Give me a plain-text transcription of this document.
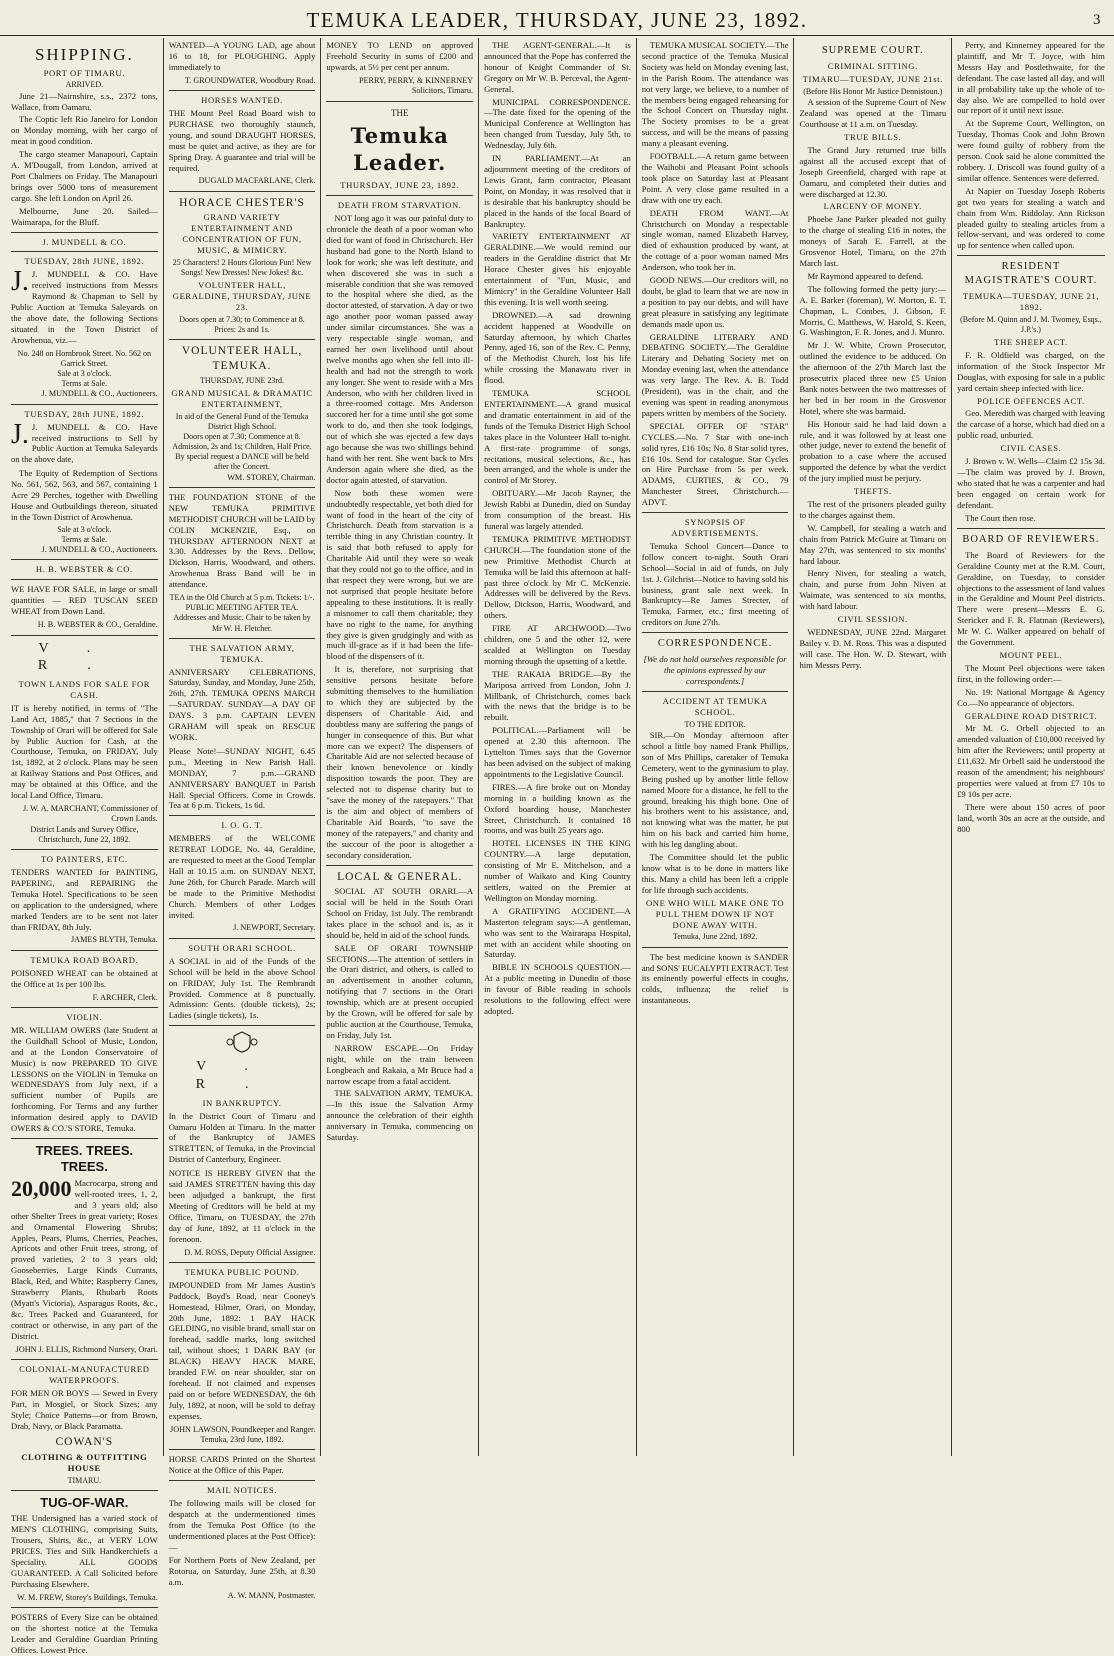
TEMUKA LEADER, THURSDAY, JUNE 23, 1892.	3
SHIPPING.
PORT OF TIMARU.
ARRIVED.
June 21—Nairnshire, s.s., 2372 tons, Wallace, from Oamaru.
The Coptic left Rio Janeiro for London on Monday morning, with her cargo of meat in good condition.
The cargo steamer Manapouri, Captain A. M'Dougall, from London, arrived at Port Chalmers on Friday. The Manapouri brings over 5000 tons of measurement cargo. She left London on April 26.
Melbourne, June 20. Sailed—Waimarapa, for the Bluff.
J. MUNDELL & CO.
TUESDAY, 28th JUNE, 1892.
J. J. MUNDELL & CO. Have received instructions from Messrs Raymond & Chapman to Sell by Public Auction at Temuka Saleyards on the above date, the following Sections situated in the Town District of Arowhenua, viz.—
No. 248 on Hornbrook Street. No. 562 on Garrick Street.
Sale at 3 o'clock.
Terms at Sale.
J. MUNDELL & CO., Auctioneers.
TUESDAY, 28th JUNE, 1892.
J. J. MUNDELL & CO. Have received instructions to Sell by Public Auction at Temuka Saleyards on the above date,
The Equity of Redemption of Sections No. 561, 562, 563, and 567, containing 1 Acre 29 Perches, together with Dwelling House and Outbuildings thereon, situated in the Town District of Arowhenua.
Sale at 3 o'clock.
Terms at Sale.
J. MUNDELL & CO., Auctioneers.
H. B. WEBSTER & CO.
WE HAVE FOR SALE, in large or small quantities — RED TUSCAN SEED WHEAT from Down Land.
H. B. WEBSTER & CO., Geraldine.
V. R.
TOWN LANDS FOR SALE FOR CASH.
IT is hereby notified, in terms of "The Land Act, 1885," that 7 Sections in the Township of Orari will be offered for Sale by Public Auction for Cash, at the Courthouse, Temuka, on FRIDAY, July 1st, 1892, at 2 o'clock. Plans may be seen at Railway Stations and Post Offices, and may be obtained at this Office, and the local Land Office, Timaru.
J. W. A. MARCHANT, Commissioner of Crown Lands.
District Lands and Survey Office, Christchurch, June 22, 1892.
TO PAINTERS, ETC.
TENDERS WANTED for PAINTING, PAPERING, and REPAIRING the Temuka Hotel. Specifications to be seen on application to the undersigned, where marked Tenders are to be sent not later than FRIDAY, 8th July.
JAMES BLYTH, Temuka.
TEMUKA ROAD BOARD.
POISONED WHEAT can be obtained at the Office at 1s per 100 lbs.
F. ARCHER, Clerk.
VIOLIN.
MR. WILLIAM OWERS (late Student at the Guildhall School of Music, London, and at the London Conservatoire of Music) is now PREPARED TO GIVE LESSONS on the VIOLIN in Temuka on WEDNESDAYS from July next, if a sufficient number of Pupils are forthcoming. For Terms and any further information desired apply to DAVID OWERS & CO.'S STORE, Temuka.
TREES. TREES. TREES.
20,000 Macrocarpa, strong and well-rooted trees, 1, 2, and 3 years old; also other Shelter Trees in great variety; Roses and Ornamental Flowering Shrubs; Apples, Pears, Plums, Cherries, Peaches, Apricots and other Fruit trees, strong, of proved varieties, 2 to 3 years old; Gooseberries, Large Kinds Currants, Black, Red, and White; Raspberry Canes, Strawberry Plants, Rhubarb Roots (Myatt's Victoria), Asparagus Roots, &c., &c. Trees Packed and Guaranteed, for contract or otherwise, in any part of the District.
JOHN J. ELLIS, Richmond Nursery, Orari.
COLONIAL-MANUFACTURED WATERPROOFS.
FOR MEN OR BOYS — Sewed in Every Part, in Mosgiel, or Stock Sizes; any Style; Choice Patterns—or from Brown, Drab, Navy, or Black Paramatta.
COWAN'S
CLOTHING & OUTFITTING HOUSE
TIMARU.
TUG-OF-WAR.
THE Undersigned has a varied stock of MEN'S CLOTHING, comprising Suits, Trousers, Shirts, &c., at VERY LOW PRICES. Ties and Silk Handkerchiefs a Speciality. ALL GOODS GUARANTEED. A Call Solicited before Purchasing Elsewhere.
W. M. FREW, Storey's Buildings, Temuka.
POSTERS of Every Size can be obtained on the shortest notice at the Temuka Leader and Geraldine Guardian Printing Offices. Lowest Price.
WANTED—A YOUNG LAD, age about 16 to 18, for PLOUGHING. Apply immediately to
T. GROUNDWATER, Woodbury Road.
HORSES WANTED.
THE Mount Peel Road Board wish to PURCHASE two thoroughly staunch, young, and sound DRAUGHT HORSES, must be quiet and active, as they are for Spring Dray. A guarantee and trial will be required.
DUGALD MACFARLANE, Clerk.
HORACE CHESTER'S
GRAND VARIETY ENTERTAINMENT AND CONCENTRATION OF FUN, MUSIC, & MIMICRY.
25 Characters! 2 Hours Glorious Fun! New Songs! New Dresses! New Jokes! &c.
VOLUNTEER HALL, GERALDINE, THURSDAY, JUNE 23.
Doors open at 7.30; to Commence at 8. Prices: 2s and 1s.
VOLUNTEER HALL, TEMUKA.
THURSDAY, JUNE 23rd.
GRAND MUSICAL & DRAMATIC ENTERTAINMENT,
In aid of the General Fund of the Temuka District High School.
Doors open at 7.30; Commence at 8.
Admission, 2s and 1s; Children, Half Price.
By special request a DANCE will be held after the Concert.
WM. STOREY, Chairman.
THE FOUNDATION STONE of the NEW TEMUKA PRIMITIVE METHODIST CHURCH will be LAID by COLIN MCKENZIE, Esq., on THURSDAY AFTERNOON NEXT at 3.30. Addresses by the Revs. Dellow, Dickson, Harris, Woodward, and others. Arowhenua Brass Band will be in attendance.
TEA in the Old Church at 5 p.m. Tickets: 1/-.
PUBLIC MEETING AFTER TEA. Addresses and Music. Chair to be taken by Mr W. H. Fletcher.
THE SALVATION ARMY, TEMUKA.
ANNIVERSARY CELEBRATIONS, Saturday, Sunday, and Monday, June 25th, 26th, 27th. TEMUKA OPENS MARCH—SATURDAY. SUNDAY—A DAY OF DAYS. 3 p.m. CAPTAIN LEVEN GRAHAM will speak on RESCUE WORK.
Please Note!—SUNDAY NIGHT, 6.45 p.m., Meeting in New Parish Hall. MONDAY, 7 p.m.—GRAND ANNIVERSARY BANQUET in Parish Hall. Special Officers. Come in Crowds. Tea at 6 p.m. Tickets, 1s 6d.
I. O. G. T.
MEMBERS of the WELCOME RETREAT LODGE, No. 44, Geraldine, are requested to meet at the Good Templar Hall at 10.15 a.m. on SUNDAY NEXT, June 26th, for Church Parade. March will be made to the Primitive Methodist Church. Members of other Lodges invited.
J. NEWPORT, Secretary.
SOUTH ORARI SCHOOL.
A SOCIAL in aid of the Funds of the School will be held in the above School on FRIDAY, July 1st. The Rembrandt Provided. Commence at 8 punctually. Admission: Gents. (double tickets), 2s; Ladies (single tickets), 1s.
V. R.
IN BANKRUPTCY.
In the District Court of Timaru and Oamaru Holden at Timaru. In the matter of the Bankruptcy of JAMES STRETTEN, of Temuka, in the Provincial District of Canterbury, Engineer.
NOTICE IS HEREBY GIVEN that the said JAMES STRETTEN having this day been adjudged a bankrupt, the first Meeting of Creditors will be held at my Office, Timaru, on TUESDAY, the 27th day of June, 1892, at 11 o'clock in the forenoon.
D. M. ROSS, Deputy Official Assignee.
TEMUKA PUBLIC POUND.
IMPOUNDED from Mr James Austin's Paddock, Boyd's Road, near Cooney's Homestead, Hilmer, Orari, on Monday, 20th June, 1892: 1 BAY HACK GELDING, no visible brand, small star on forehead, saddle marks, long switched tail, without shoes; 1 DARK BAY (or BLACK) HEAVY HACK MARE, branded F.W. on near shoulder, star on forehead. If not claimed and expenses paid on or before WEDNESDAY, the 6th July, 1892, at noon, will be sold to defray expenses.
JOHN LAWSON, Poundkeeper and Ranger.
Temuka, 23rd June, 1892.
HORSE CARDS Printed on the Shortest Notice at the Office of this Paper.
MAIL NOTICES.
The following mails will be closed for despatch at the undermentioned times from the Temuka Post Office (to the undermentioned places at the Post Office):—
For Northern Ports of New Zealand, per Rotorua, on Saturday, June 25th, at 8.30 a.m.
A. W. MANN, Postmaster.
MONEY TO LEND on approved Freehold Security in sums of £200 and upwards, at 5½ per cent per annum.
PERRY, PERRY, & KINNERNEY Solicitors, Timaru.
THE
Temuka Leader.
THURSDAY, JUNE 23, 1892.
DEATH FROM STARVATION.
NOT long ago it was our painful duty to chronicle the death of a poor woman who died for want of food in Christchurch. Her husband had gone to the North Island to look for work; she was left destitute, and when discovered she was in such a miserable condition that she was removed to the hospital where she died, as the doctor attested, of starvation. A day or two ago another poor woman passed away under similar circumstances. She was a very respectable single woman, and earned her own livelihood until about twelve months ago when she fell into ill-health and had not the strength to work any longer. She went to reside with a Mrs Anderson, who with her children lived in a three-roomed cottage. Mrs Anderson succored her for a time until she got some work to do, and then she took lodgings, out of which she was ejected a few days ago because she was two shillings behind hand with her rent. She went back to Mrs Anderson again where she died, as the doctor again attested, of starvation.
Now both these women were undoubtedly respectable, yet both died for want of food in the heart of the city of Christchurch. Death from starvation is a terrible thing in any Christian country. It is said that both refused to apply for Charitable Aid until they were so weak that they could not go to the office, and in that respect they were wrong, but we are not surprised that people hesitate before appealing to these institutions. It is really a misnomer to call them charitable; they have no right to the name, for anything they give is given grudgingly and with as much ill-grace as if it had been the life-blood of the dispensers of it.
It is, therefore, not surprising that sensitive persons hesitate before submitting themselves to the humiliation to which they are subjected by the dispensers of Charitable Aid, and doubtless many are suffering the pangs of hunger in consequence of this. But what more can we expect? The dispensers of Charitable Aid are not selected because of their known benevolence or kindly disposition towards the poor. They are selected not to dispense charity but to "save the money of the ratepayers." That is the aim and object of members of Charitable Aid Boards, "to save the money of the ratepayers," and charity and the succour of the poor is altogether a secondary consideration.
LOCAL & GENERAL.
SOCIAL AT SOUTH ORARI.—A social will be held in the South Orari School on Friday, 1st July. The rembrandt takes place in the school and is, as it should be, held in aid of the school funds.
SALE OF ORARI TOWNSHIP SECTIONS.—The attention of settlers in the Orari district, and others, is called to an advertisement in another column, notifying that 7 sections in the Orari township, which are at present occupied by the Crown, will be offered for sale by public auction at the Courthouse, Temuka, on Friday, July 1st.
NARROW ESCAPE.—On Friday night, while on the train between Longbeach and Rakaia, a Mr Bruce had a narrow escape from a fatal accident.
THE SALVATION ARMY, TEMUKA.—In this issue the Salvation Army announce the celebration of their eighth anniversary in Temuka, commencing on Saturday.
THE AGENT-GENERAL.—It is announced that the Pope has conferred the honour of Knight Commander of St. Gregory on Mr W. B. Perceval, the Agent-General.
MUNICIPAL CORRESPONDENCE.—The date fixed for the opening of the Municipal Conference at Wellington has been changed from Tuesday, July 5th, to Wednesday, July 6th.
IN PARLIAMENT.—At an adjournment meeting of the creditors of Lewis Grant, farm contractor, Pleasant Point, on Monday, it was resolved that it is desirable that his bankruptcy should be placed in the hands of the local Board of Bankruptcy.
VARIETY ENTERTAINMENT AT GERALDINE.—We would remind our readers in the Geraldine district that Mr Horace Chester gives his enjoyable entertainment of "Fun, Music, and Mimicry" in the Geraldine Volunteer Hall this evening. It is well worth seeing.
DROWNED.—A sad drowning accident happened at Woodville on Saturday afternoon, by which Charles Penny, aged 16, son of the Rev. C. Penny, of the Methodist Church, lost his life while crossing the Manawatu river in flood.
TEMUKA SCHOOL ENTERTAINMENT.—A grand musical and dramatic entertainment in aid of the funds of the Temuka District High School takes place in the Volunteer Hall to-night. A first-rate programme of songs, recitations, musical selections, &c., has been arranged, and the whole is under the control of Mr Storey.
OBITUARY.—Mr Jacob Rayner, the Jewish Rabbi at Dunedin, died on Sunday from consumption of the breast. His funeral was largely attended.
TEMUKA PRIMITIVE METHODIST CHURCH.—The foundation stone of the new Primitive Methodist Church at Temuka will be laid this afternoon at half-past three o'clock by Mr C. McKenzie. Addresses will be delivered by the Revs. Dellow, Dickson, Harris, Woodward, and others.
FIRE AT ARCHWOOD.—Two children, one 5 and the other 12, were scalded at Wellington on Tuesday morning through the upsetting of a kettle.
THE RAKAIA BRIDGE.—By the Mariposa arrived from London, John J. Millbank, of Christchurch, comes back with the news that the bridge is to be rebuilt.
POLITICAL.—Parliament will be opened at 2.30 this afternoon. The Lyttelton Times says that the Governor has been advised on the subject of making appointments to the Legislative Council.
FIRES.—A fire broke out on Monday morning in a building known as the Oxford boarding house, Manchester Street, Christchurch. It contained 18 rooms, and was built 25 years ago.
HOTEL LICENSES IN THE KING COUNTRY.—A large deputation, consisting of Mr E. Mitchelson, and a number of Waikato and King Country settlers, waited on the Premier at Wellington on Monday morning.
A GRATIFYING ACCIDENT.—A Masterton telegram says:—A gentleman, who was sent to the Wairarapa Hospital, met with an accident while shooting on Saturday.
BIBLE IN SCHOOLS QUESTION.—At a public meeting in Dunedin of those in favour of Bible reading in schools resolutions to the following effect were adopted.
TEMUKA MUSICAL SOCIETY.—The second practice of the Temuka Musical Society was held on Monday evening last, in the Parish Room. The attendance was not very large, we believe, to a number of the members being engaged rehearsing for the School Concert on Thursday night. The Society promises to be a great success, and will be the means of passing many a pleasant evening.
FOOTBALL.—A return game between the Waihobi and Pleasant Point schools took place on Saturday last at Pleasant Point. A very close game resulted in a draw with one try each.
DEATH FROM WANT.—At Christchurch on Monday a respectable single woman, named Elizabeth Harvey, died of exhaustion produced by want, at the cottage of a poor woman named Mrs Anderson, who took her in.
GOOD NEWS.—Our creditors will, no doubt, be glad to learn that we are now in a position to pay our debts, and will have great pleasure in satisfying any legitimate demands made upon us.
GERALDINE LITERARY AND DEBATING SOCIETY.—The Geraldine Literary and Debating Society met on Monday evening last, when the attendance was very large. The Rev. A. B. Todd (President), was in the chair, and the evening was spent in reading anonymous papers written by members of the Society.
SPECIAL OFFER OF "STAR" CYCLES.—No. 7 Star with one-inch solid tyres, £16 10s; No. 8 Star solid tyres, £16 10s. Send for catalogue. Star Cycles on Hire Purchase from 5s per week. ADAMS, CURTIES, & CO., 79 Manchester Street, Christchurch.—ADVT.
SYNOPSIS OF ADVERTISEMENTS.
Temuka School Concert—Dance to follow concert to-night. South Orari School—Social in aid of funds, on July 1st. J. Gilchrist—Notice to having sold his business, grant sale next week. In Bankruptcy—Re James Strecter, of Temuka, Farmer, etc.; first meeting of creditors on June 27th.
CORRESPONDENCE.
[We do not hold ourselves responsible for the opinions expressed by our correspondents.]
ACCIDENT AT TEMUKA SCHOOL.
TO THE EDITOR.
SIR,—On Monday afternoon after school a little boy named Frank Phillips, son of Mrs Phillips, caretaker of Temuka Cemetery, went to the gymnasium to play. Being pushed up by another little fellow named Moore for a distance, he fell to the ground, breaking his thigh bone. One of his brothers went to his assistance, and, not knowing what was the matter, he put him on his back and carried him home, with his leg dangling about.
The Committee should let the public know what is to be done in matters like this. Many a child has been left a cripple for life through such accidents.
ONE WHO WILL MAKE ONE TO PULL THEM DOWN IF NOT DONE AWAY WITH.
Temuka, June 22nd, 1892.
The best medicine known is SANDER and SONS' EUCALYPTI EXTRACT. Test its eminently powerful effects in coughs, colds, influenza; the relief is instantaneous.
SUPREME COURT.
CRIMINAL SITTING.
TIMARU—TUESDAY, JUNE 21st.
(Before His Honor Mr Justice Dennistoun.)
A session of the Supreme Court of New Zealand was opened at the Timaru Courthouse at 11 a.m. on Tuesday.
TRUE BILLS.
The Grand Jury returned true bills against all the accused except that of Joseph Greenfield, charged with rape at Oamaru, and completed their duties and were discharged at 12.30.
LARCENY OF MONEY.
Phoebe Jane Parker pleaded not guilty to the charge of stealing £16 in notes, the moneys of Sarah E. Farrell, at the Grosvenor Hotel, Timaru, on the 27th March last.
Mr Raymond appeared to defend.
The following formed the petty jury:—A. E. Barker (foreman), W. Morton, E. T. Chapman, L. Combes, J. Gibson, F. Morris, C. Matthews, W. Harold, S. Keen, G. Washington, F. R. Jones, and J. Munro.
Mr J. W. White, Crown Prosecutor, outlined the evidence to be adduced. On the afternoon of the 27th March last the prosecutrix placed three new £5 Union Bank notes between the two mattresses of her bed in her room in the Grosvenor Hotel, where she was barmaid.
His Honour said he had laid down a rule, and it was followed by at least one other judge, never to extend the benefit of probation to a case where the accused supported the defence by what the verdict of the jury implied must be perjury.
THEFTS.
The rest of the prisoners pleaded guilty to the charges against them.
W. Campbell, for stealing a watch and chain from Patrick McGuire at Timaru on May 27th, was sentenced to six months' hard labour.
Henry Niven, for stealing a watch, chain, and purse from John Niven at Waimate, was sentenced to six months, with hard labour.
CIVIL SESSION.
WEDNESDAY, JUNE 22nd. Margaret Bailey v. D. M. Ross. This was a disputed will case. The Hon. W. D. Stewart, with him Messrs Perry.
Perry, and Kinnerney appeared for the plaintiff, and Mr T. Joyce, with him Messrs Hay and Postlethwaite, for the defendant. The case lasted all day, and will in all probability take up the whole of to-day also. We are compelled to hold over our report of it until next issue.
At the Supreme Court, Wellington, on Tuesday, Thomas Cook and John Brown were found guilty of robbery from the person. Cook said he alone committed the robbery. J. Driscoll was found guilty of a similar offence. Sentences were deferred.
At Napier on Tuesday Joseph Roberts got two years for stealing a watch and chain from Wm. Riddolay. Ann Rickson pleaded guilty to stealing articles from a fellow-servant, and was ordered to come up for sentence when called upon.
RESIDENT MAGISTRATE'S COURT.
TEMUKA—TUESDAY, JUNE 21, 1892.
(Before M. Quinn and J. M. Twomey, Esqs., J.P.'s.)
THE SHEEP ACT.
F. R. Oldfield was charged, on the information of the Stock Inspector Mr Douglas, with exposing for sale in a public yard certain sheep infected with lice.
POLICE OFFENCES ACT.
Geo. Meredith was charged with leaving the carcase of a horse, which had died on a public road, unburied.
CIVIL CASES.
J. Brown v. W. Wells—Claim £2 15s 3d.—The claim was proved by J. Brown, who stated that he was a carpenter and had been engaged on certain work for defendant.
The Court then rose.
BOARD OF REVIEWERS.
The Board of Reviewers for the Geraldine County met at the R.M. Court, Geraldine, on Tuesday, to consider objections to the assessment of land values in the Geraldine and Mount Peel districts. There were present—Messrs E. G. Stericker and F. R. Flatman (Reviewers), Mr W. C. Walker appeared on behalf of the Government.
MOUNT PEEL.
The Mount Peel objections were taken first, in the following order:—
No. 19: National Mortgage & Agency Co.—No appearance of objectors.
GERALDINE ROAD DISTRICT.
Mr M. G. Orbell objected to an amended valuation of £10,000 received by him after the Reviewers; until property at £11,632. Mr Orbell said he understood the reason of the amendment; his neighbours' properties were valued at from £7 10s to £9 10s per acre.
There were about 150 acres of poor land, worth 30s an acre at the outside, and 800
